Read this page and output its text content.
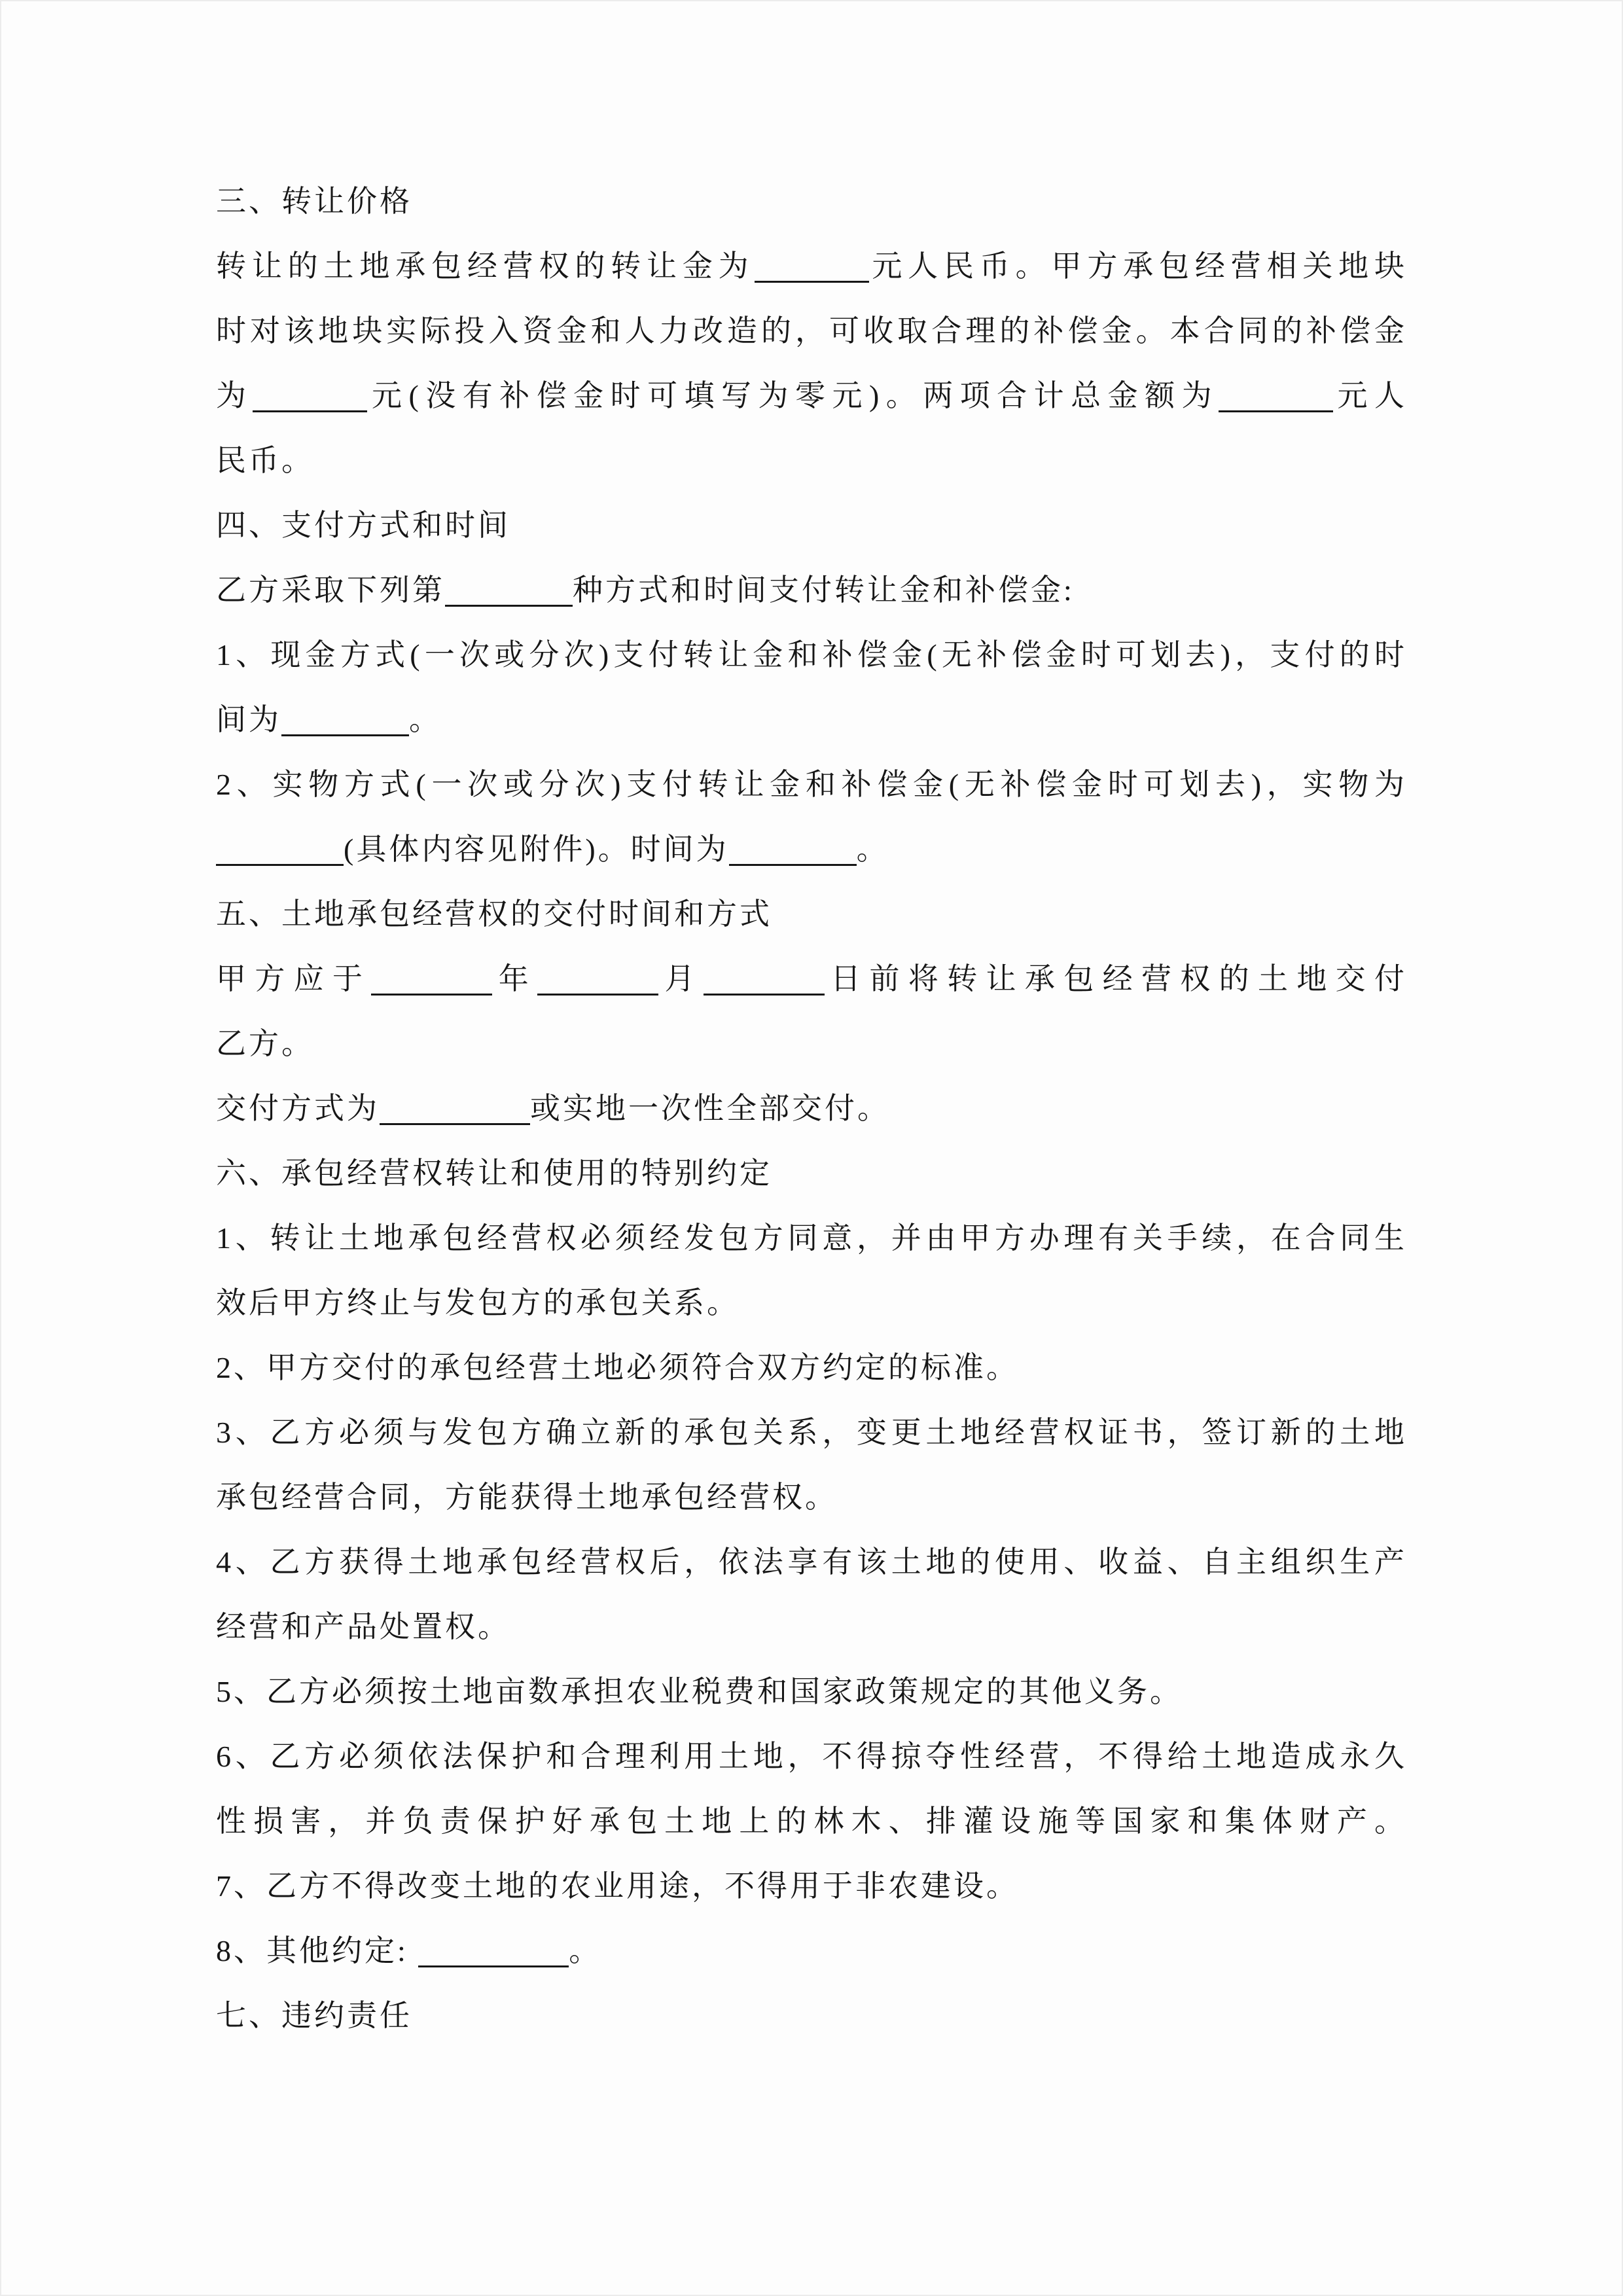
三、转让价格
转让的土地承包经营权的转让金为	元人民币。甲方承包经营相关地块
时对该地块实际投入资金和人力改造的，可收取合理的补偿金。本合同的补偿金
为	元(没有补偿金时可填写为零元)。两项合计总金额为	元人
民币。
四、支付方式和时间
乙方采取下列第	种方式和时间支付转让金和补偿金:
1、现金方式(一次或分次)支付转让金和补偿金(无补偿金时可划去)，支付的时
间为	。
2、实物方式(一次或分次)支付转让金和补偿金(无补偿金时可划去)，实物为
(具体内容见附件)。时间为	。
五、土地承包经营权的交付时间和方式
甲方应于	年	月	日前将转让承包经营权的土地交付
乙方。
交付方式为	或实地一次性全部交付。
六、承包经营权转让和使用的特别约定
1、转让土地承包经营权必须经发包方同意，并由甲方办理有关手续，在合同生
效后甲方终止与发包方的承包关系。
2、甲方交付的承包经营土地必须符合双方约定的标准。
3、乙方必须与发包方确立新的承包关系，变更土地经营权证书，签订新的土地
承包经营合同，方能获得土地承包经营权。
4、乙方获得土地承包经营权后，依法享有该土地的使用、收益、自主组织生产
经营和产品处置权。
5、乙方必须按土地亩数承担农业税费和国家政策规定的其他义务。
6、乙方必须依法保护和合理利用土地，不得掠夺性经营，不得给土地造成永久
性损害，并负责保护好承包土地上的林木、排灌设施等国家和集体财产。
7、乙方不得改变土地的农业用途，不得用于非农建设。
8、其他约定:	。
七、违约责任
